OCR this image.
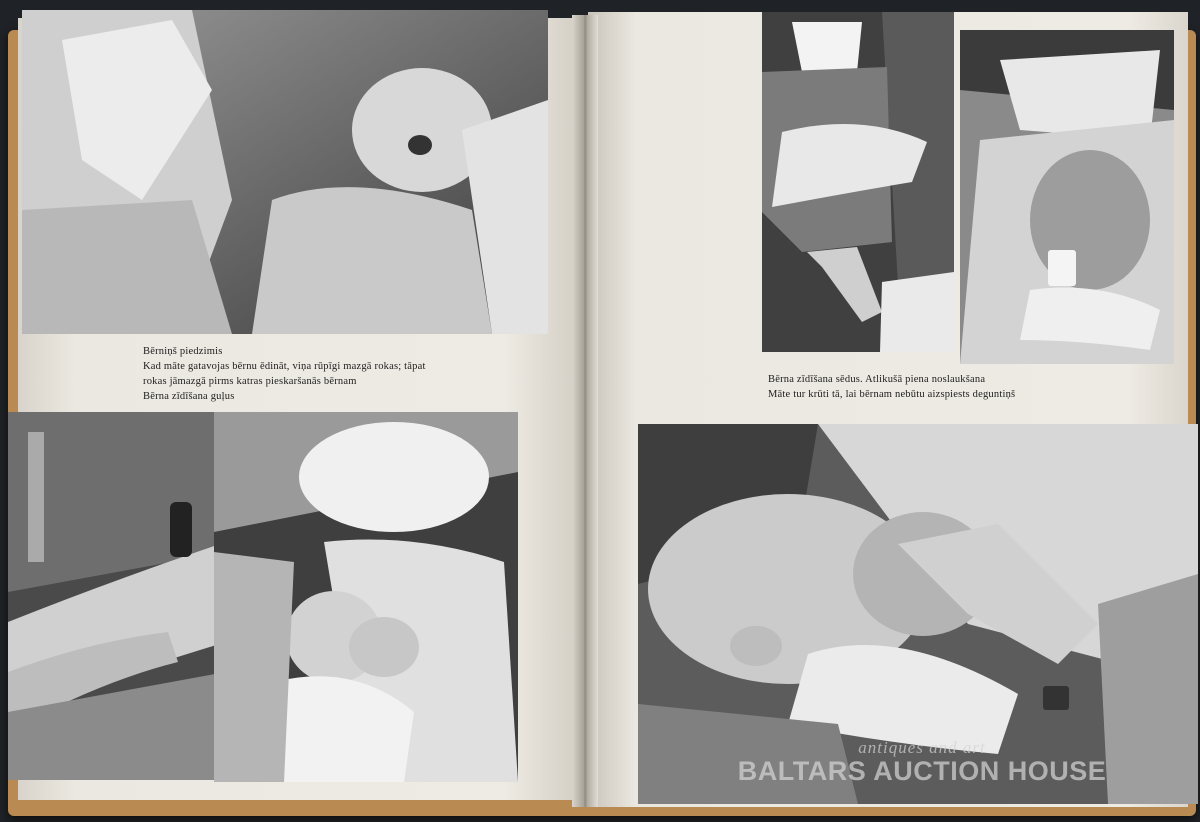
Bērniņš piedzimis
Kad māte gatavojas bērnu ēdināt, viņa rūpīgi mazgā rokas; tāpat
rokas jāmazgā pirms katras pieskaršanās bērnam
Bērna zīdīšana guļus
Bērna zīdīšana sēdus. Atlikušā piena noslaukšana
Māte tur krūti tā, lai bērnam nebūtu aizspiests deguntiņš
antiques and art
BALTARS AUCTION HOUSE
